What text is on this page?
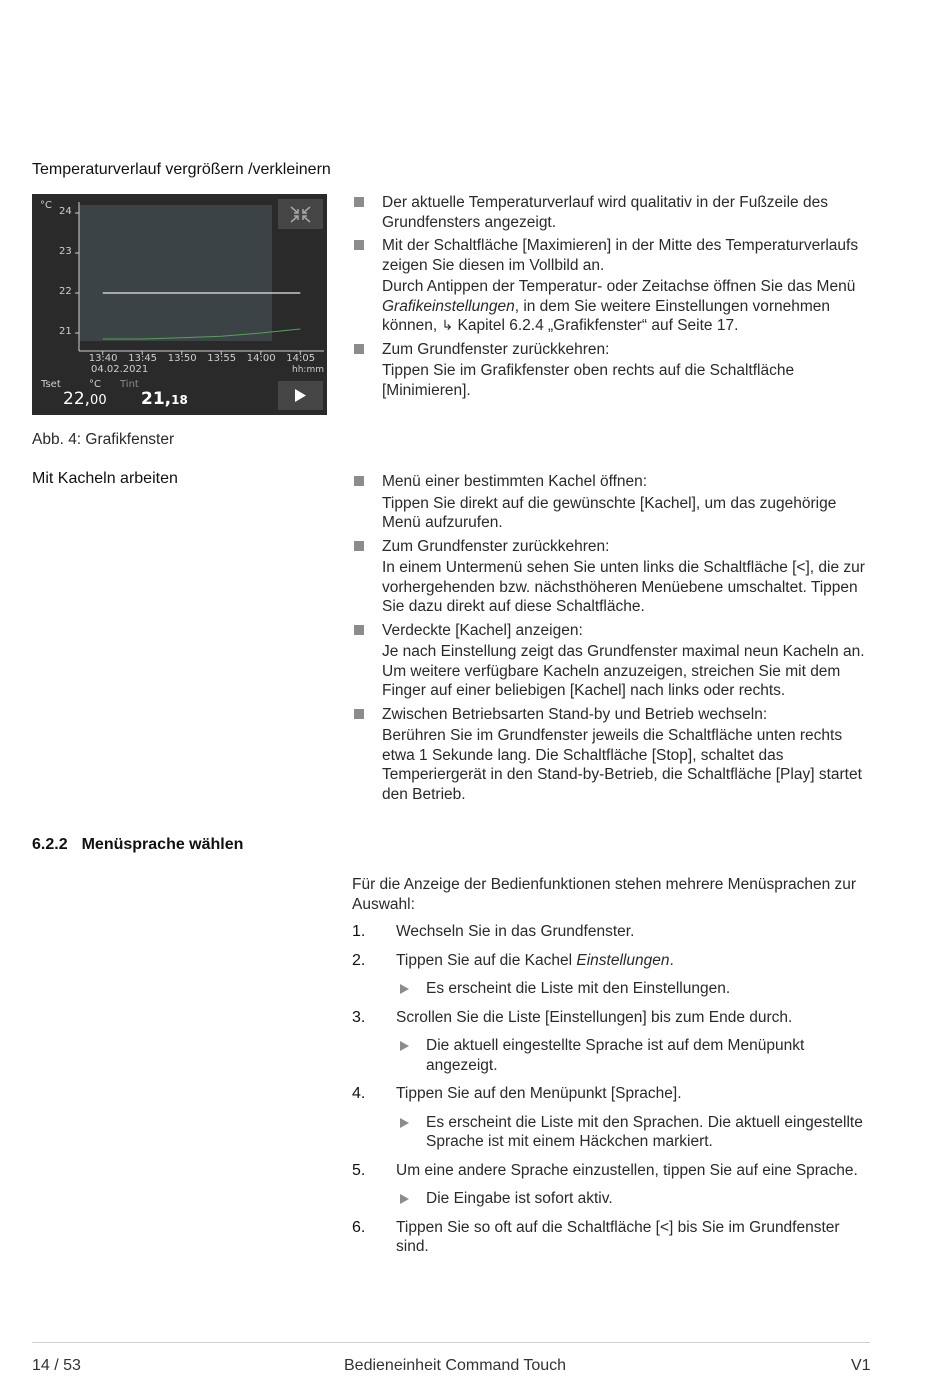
Temperaturverlauf vergrößern /verkleinern
°C
24
23
22
21
13:40 13:45 13:50 13:55 14:00 14:05
04.02.2021	hh:mm
Tset	°C Tint
22,00 21,18
Der aktuelle Temperaturverlauf wird qualitativ in der Fußzeile des Grundfensters angezeigt.
Mit der Schaltfläche [Maximieren] in der Mitte des Temperaturverlaufs zeigen Sie diesen im Vollbild an.
Durch Antippen der Temperatur- oder Zeitachse öffnen Sie das Menü Grafikeinstellungen, in dem Sie weitere Einstellungen vornehmen können, ↳ Kapitel 6.2.4 „Grafikfenster“ auf Seite 17.
Zum Grundfenster zurückkehren:
Tippen Sie im Grafikfenster oben rechts auf die Schaltfläche [Minimieren].
Abb. 4: Grafikfenster
Mit Kacheln arbeiten	Menü einer bestimmten Kachel öffnen:
Tippen Sie direkt auf die gewünschte [Kachel], um das zugehörige Menü aufzurufen.
Zum Grundfenster zurückkehren:
In einem Untermenü sehen Sie unten links die Schaltfläche [<], die zur vorhergehenden bzw. nächsthöheren Menüebene umschaltet. Tippen Sie dazu direkt auf diese Schaltfläche.
Verdeckte [Kachel] anzeigen:
Je nach Einstellung zeigt das Grundfenster maximal neun Kacheln an. Um weitere verfügbare Kacheln anzuzeigen, streichen Sie mit dem Finger auf einer beliebigen [Kachel] nach links oder rechts.
Zwischen Betriebsarten Stand-by und Betrieb wechseln:
Berühren Sie im Grundfenster jeweils die Schaltfläche unten rechts etwa 1 Sekunde lang. Die Schaltfläche [Stop], schaltet das Temperiergerät in den Stand-by-Betrieb, die Schaltfläche [Play] startet den Betrieb.
6.2.2 Menüsprache wählen
Für die Anzeige der Bedienfunktionen stehen mehrere Menüsprachen zur Auswahl:
1. Wechseln Sie in das Grundfenster.
2. Tippen Sie auf die Kachel Einstellungen.
Es erscheint die Liste mit den Einstellungen.
3. Scrollen Sie die Liste [Einstellungen] bis zum Ende durch.
Die aktuell eingestellte Sprache ist auf dem Menüpunkt angezeigt.
4. Tippen Sie auf den Menüpunkt [Sprache].
Es erscheint die Liste mit den Sprachen. Die aktuell eingestellte Sprache ist mit einem Häckchen markiert.
5. Um eine andere Sprache einzustellen, tippen Sie auf eine Sprache.
Die Eingabe ist sofort aktiv.
6. Tippen Sie so oft auf die Schaltfläche [<] bis Sie im Grundfenster sind.
14 / 53	Bedieneinheit Command Touch	V1
